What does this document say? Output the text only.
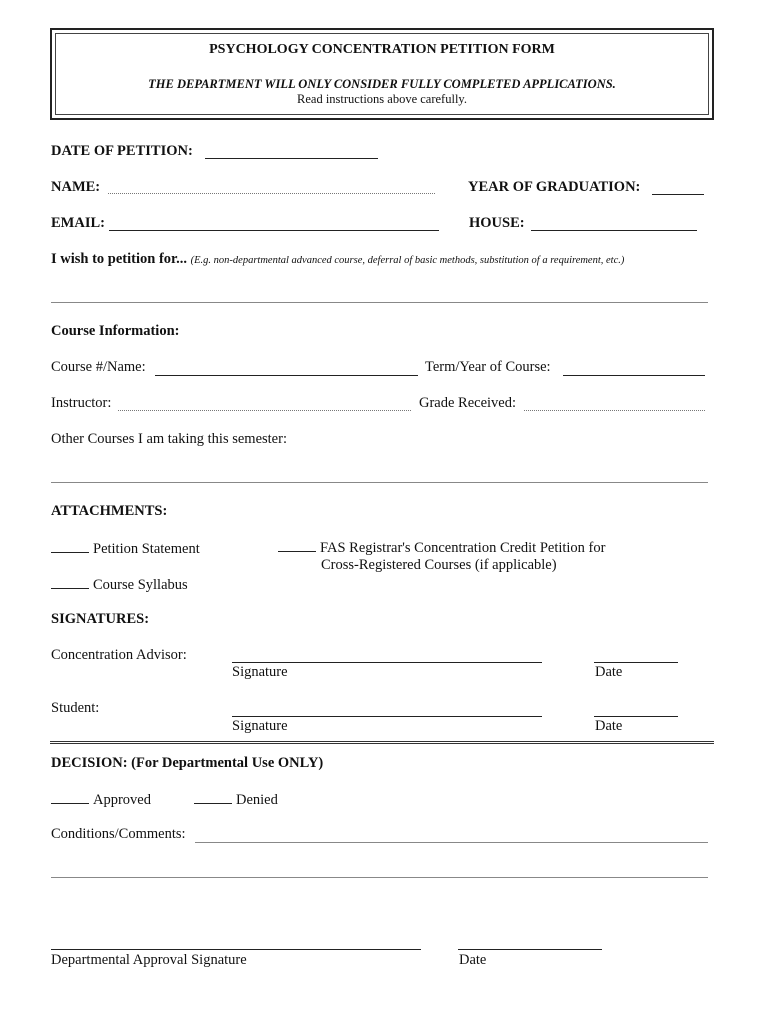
PSYCHOLOGY CONCENTRATION PETITION FORM
THE DEPARTMENT WILL ONLY CONSIDER FULLY COMPLETED APPLICATIONS.
Read instructions above carefully.
DATE OF PETITION:
NAME:	YEAR OF GRADUATION:
EMAIL:	HOUSE:
I wish to petition for... (E.g. non-departmental advanced course, deferral of basic methods, substitution of a requirement, etc.)
Course Information:
Course #/Name:	Term/Year of Course:
Instructor:	Grade Received:
Other Courses I am taking this semester:
ATTACHMENTS:
Petition Statement	FAS Registrar's Concentration Credit Petition for
Cross-Registered Courses (if applicable)
Course Syllabus
SIGNATURES:
Concentration Advisor:
Signature	Date
Student:
Signature	Date
DECISION: (For Departmental Use ONLY)
Approved	Denied
Conditions/Comments:
Departmental Approval Signature	Date
